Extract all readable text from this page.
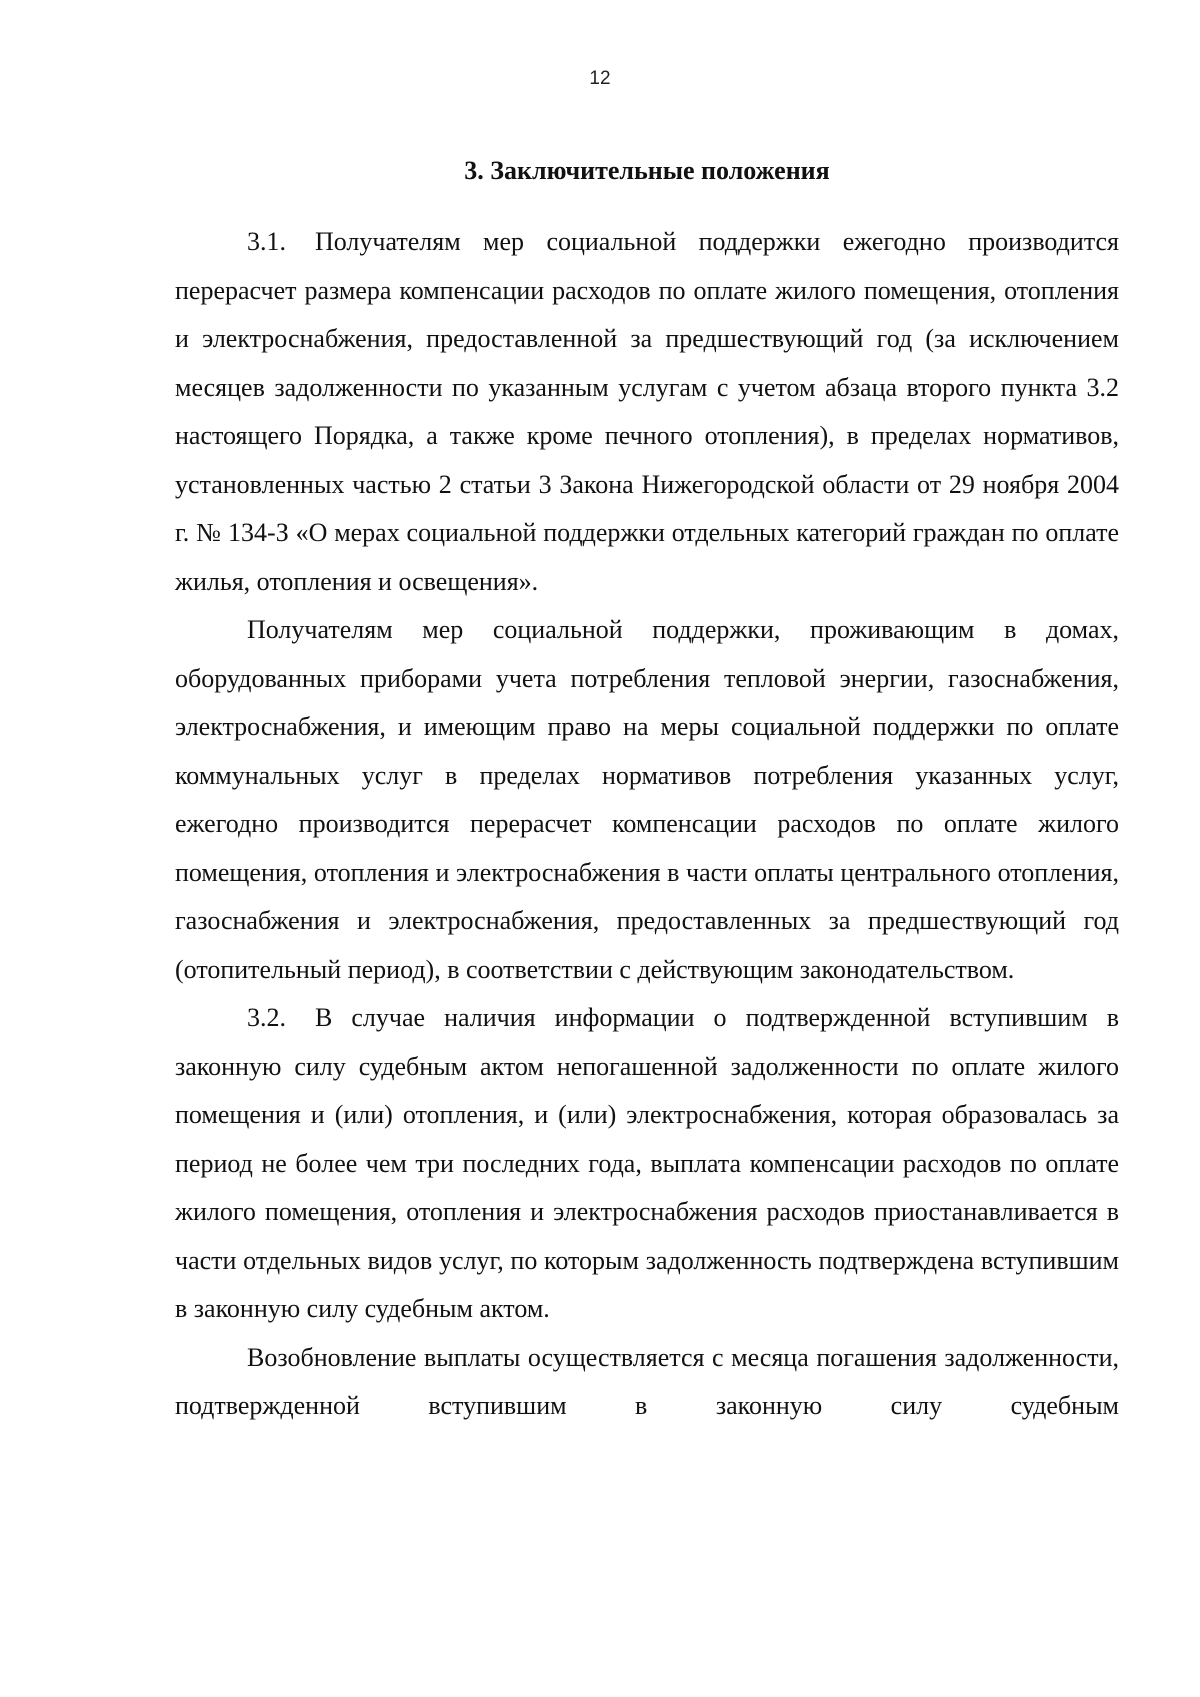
12
3. Заключительные положения

3.1. Получателям мер социальной поддержки ежегодно производится перерасчет размера компенсации расходов по оплате жилого помещения, отопления и электроснабжения, предоставленной за предшествующий год (за исключением месяцев задолженности по указанным услугам с учетом абзаца второго пункта 3.2 настоящего Порядка, а также кроме печного отопления), в пределах нормативов, установленных частью 2 статьи 3 Закона Нижегородской области от 29 ноября 2004 г. № 134-З «О мерах социальной поддержки отдельных категорий граждан по оплате жилья, отопления и освещения».

Получателям мер социальной поддержки, проживающим в домах, оборудованных приборами учета потребления тепловой энергии, газоснабжения, электроснабжения, и имеющим право на меры социальной поддержки по оплате коммунальных услуг в пределах нормативов потребления указанных услуг, ежегодно производится перерасчет компенсации расходов по оплате жилого помещения, отопления и электроснабжения в части оплаты центрального отопления, газоснабжения и электроснабжения, предоставленных за предшествующий год (отопительный период), в соответствии с действующим законодательством.

3.2. В случае наличия информации о подтвержденной вступившим в законную силу судебным актом непогашенной задолженности по оплате жилого помещения и (или) отопления, и (или) электроснабжения, которая образовалась за период не более чем три последних года, выплата компенсации расходов по оплате жилого помещения, отопления и электроснабжения расходов приостанавливается в части отдельных видов услуг, по которым задолженность подтверждена вступившим в законную силу судебным актом.

Возобновление выплаты осуществляется с месяца погашения задолженности, подтвержденной вступившим в законную силу судебным
